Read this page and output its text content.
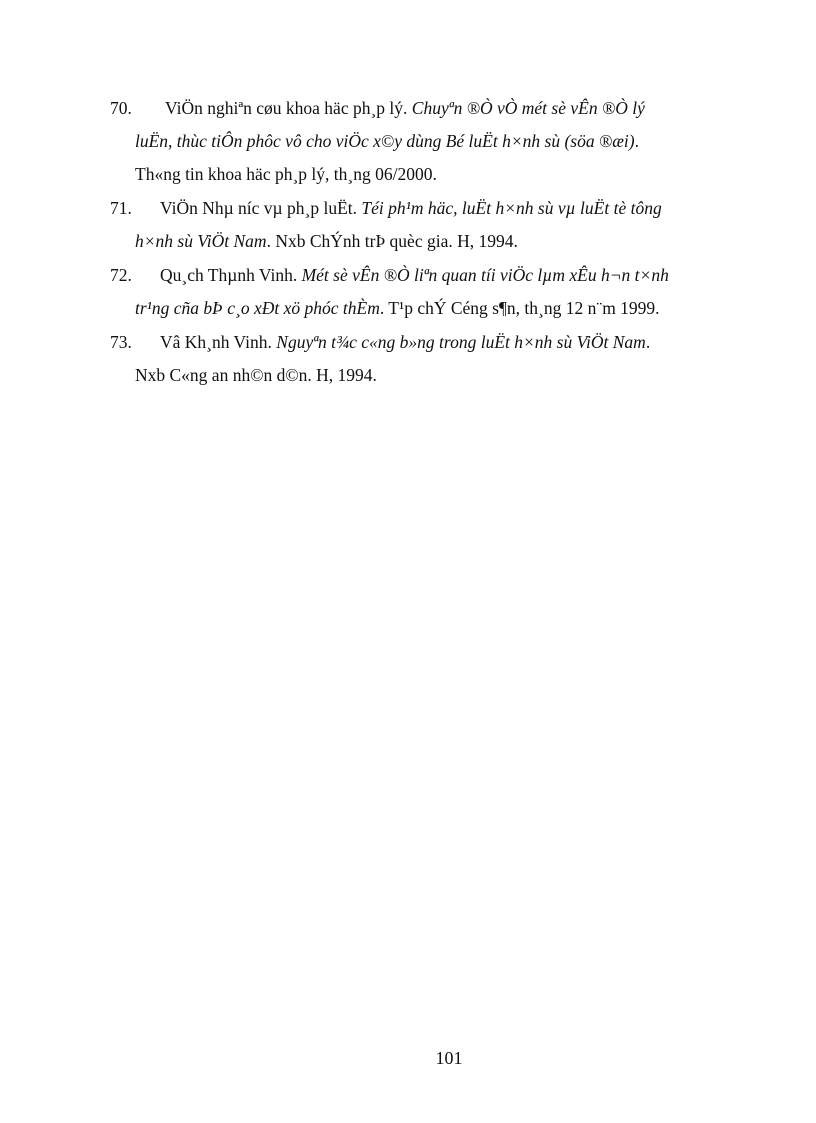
70. ViÖn nghiªn cøu khoa häc ph¸p lý. Chuyªn ®Ò vÒ mét sè vÊn ®Ò lý
luËn, thùc tiÔn phôc vô cho viÖc x©y dùng Bé luËt h×nh sù (söa ®æi).
Th«ng tin khoa häc ph¸p lý, th¸ng 06/2000.
71. ViÖn Nhµ níc vµ ph¸p luËt. Téi ph¹m häc, luËt h×nh sù vµ luËt tè tông
h×nh sù ViÖt Nam. Nxb ChÝnh trÞ quèc gia. H, 1994.
72. Qu¸ch Thµnh Vinh. Mét sè vÊn ®Ò liªn quan tíi viÖc lµm xÊu h¬n t×nh
tr¹ng cña bÞ c¸o xÐt xö phóc thÈm. T¹p chÝ Céng s¶n, th¸ng 12 n¨m 1999.
73. Vâ Kh¸nh Vinh. Nguyªn t¾c c«ng b»ng trong luËt h×nh sù ViÖt Nam.
Nxb C«ng an nh©n d©n. H, 1994.
101
